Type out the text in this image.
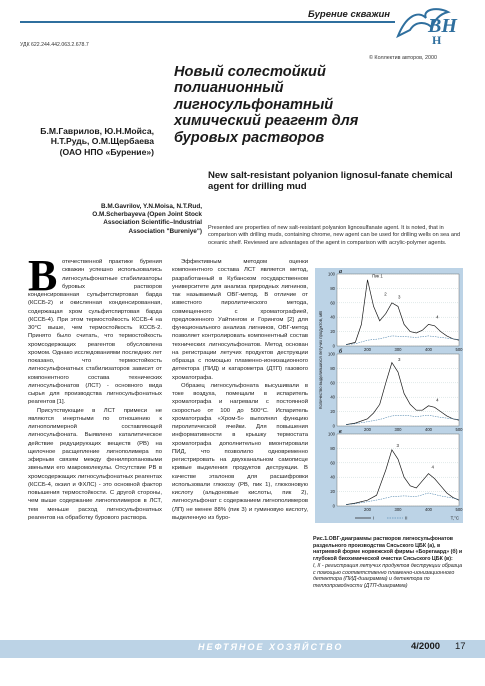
Бурение скважин
ВН
Н
УДК 622.244.442.063.2.678.7
© Коллектив авторов, 2000
Новый солестойкий полианионный лигносульфонатный химический реагент для буровых растворов
Б.М.Гаврилов, Ю.Н.Мойса,
Н.Т.Рудь, О.М.Щербаева
(ОАО НПО «Бурение»)
New salt-resistant polyanion lignosul-fanate chemical agent for drilling mud
B.M.Gavrilov, Y.N.Moisa, N.T.Rud,
O.M.Scherbayeva (Open Joint Stock
Association Scientific–Industrial
Association "Bureniye") Presented are properties of new salt-resistant polyanion lignosulfanate agent. It is noted, that in comparison with drilling muds, containing chrome, new agent can be used for drilling wells on sea and oceanic shelf. Reviewed are advantages of the agent in comparison with acrylic-polymer agents.
В отечественной практике бурения скважин успешно использовались лигносульфонатные стабилизаторы буровых растворов конденсированная сульфитспиртовая барда (КССБ-2) и окисленная конденсированная, содержащая хром сульфитспиртовая барда (КССБ-4). При этом термостойкость КССБ-4 на 30°С выше, чем термостойкость КССБ-2. Принято было считать, что термостойкость хромсодержащих реагентов обусловлена хромом. Однако исследованиями последних лет показано, что термостойкость лигносульфонатных стабилизаторов зависит от компонентного состава технических лигносульфонатов (ЛСТ) - основного вида сырья для производства лигносульфонатных реагентов [1].

Присутствующие в ЛСТ примеси не являются инертными по отношению к лигнополимерной составляющей лигносульфоната. Выявлено каталитическое действие редуцирующих веществ (РВ) на щелочное расщепление лигнополимера по эфирным связям между фенилпропановыми звеньями его макромолекулы. Отсутствие РВ в хромсодержащих лигносульфонатных реагентах (КССБ-4, окзил и ФХЛС) - это основной фактор повышения термостойкости. С другой стороны, чем выше содержание лигнополимеров в ЛСТ, тем меньше расход лигносульфонатных реагентов на обработку бурового раствора.

Эффективным методом оценки компонентного состава ЛСТ является метод, разработанный в Кубанском государственном университете для анализа природных лигнинов, так называемый ОВГ-метод. В отличие от известного пиролитического метода, совмещенного с хроматографией, предложенного Уайтингом и Горингом [2] для функционального анализа лигнинов, ОВГ-метод позволяет контролировать компонентный состав технических лигносульфонатов. Метод основан на регистрации летучих продуктов деструкции образца с помощью пламенно-ионизационного детектора (ПИД) и катарометра (ДТП) газового хроматографа.

Образец лигносульфоната высушивали в токе воздуха, помещали в испаритель хроматографа и нагревали с постоянной скоростью от 100 до 500°С. Испаритель хроматографа «Хром-5» выполнял функцию пиролитической ячейки. Для повышения информативности в крышку термостата хроматографа дополнительно вмонтировали ПИД, что позволило одновременно регистрировать на двухканальном самописце кривые выделения продуктов деструкции. В качестве эталонов для расшифровки использовали глюкозу (РВ, пик 1), глюконовую кислоту (альдоновые кислоты, пик 2), лигносульфонат с содержанием лигнополимеров (ЛП) не менее 88% (пик 3) и гуминовую кислоту, выделенную из буро-

Количество выделившихся летучих продуктов, мВ 0
20
40
60
80
100
200	300	400	500
а
Пик 1
2
3
4
0
20
40
60
80
100
200	300	400	500
б
3
4
0
20
40
60
80
100
200	300	400	500
в
3
4
I	II	T,°C
Рис.1.ОВГ-диаграммы растворов лигносульфонатов раздельного производства Сясьского ЦБК (а), в натриевой форме норвежской фирмы «Борегаард» (б) и глубокой биохимической очистки Сясьского ЦБК (в):
I, II - регистрация летучих продуктов деструкции образца с помощью соответственно пламенно-ионизационного детектора (ПИД-диаграмма) и детектора по теплопроводности (ДТП-диаграмма)
НЕФТЯНОЕ ХОЗЯЙСТВО	4/2000 17
